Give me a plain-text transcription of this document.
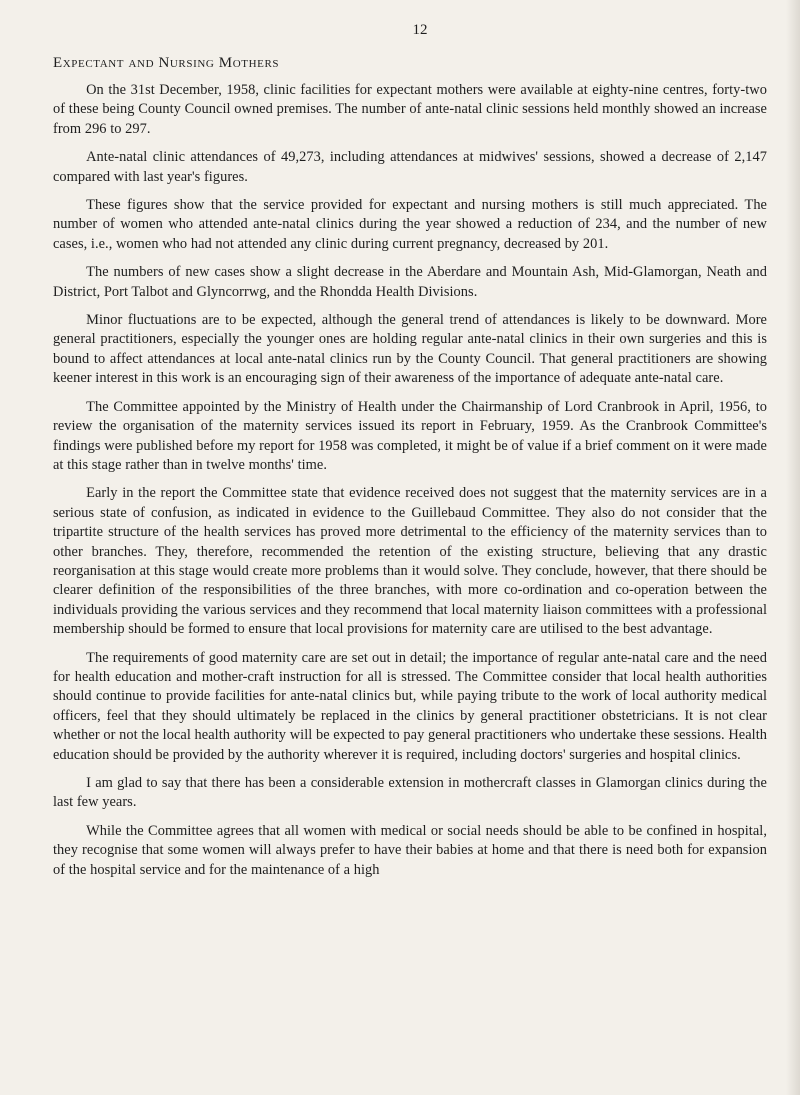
12
Expectant and Nursing Mothers

On the 31st December, 1958, clinic facilities for expectant mothers were available at eighty-nine centres, forty-two of these being County Council owned premises. The number of ante-natal clinic sessions held monthly showed an increase from 296 to 297.

Ante-natal clinic attendances of 49,273, including attendances at midwives' sessions, showed a decrease of 2,147 compared with last year's figures.

These figures show that the service provided for expectant and nursing mothers is still much appreciated. The number of women who attended ante-natal clinics during the year showed a reduction of 234, and the number of new cases, i.e., women who had not attended any clinic during current pregnancy, decreased by 201.

The numbers of new cases show a slight decrease in the Aberdare and Mountain Ash, Mid-Glamorgan, Neath and District, Port Talbot and Glyncorrwg, and the Rhondda Health Divisions.

Minor fluctuations are to be expected, although the general trend of attendances is likely to be downward. More general practitioners, especially the younger ones are holding regular ante-natal clinics in their own surgeries and this is bound to affect attendances at local ante-natal clinics run by the County Council. That general practitioners are showing keener interest in this work is an encouraging sign of their awareness of the importance of adequate ante-natal care.

The Committee appointed by the Ministry of Health under the Chairmanship of Lord Cranbrook in April, 1956, to review the organisation of the maternity services issued its report in February, 1959. As the Cranbrook Committee's findings were published before my report for 1958 was completed, it might be of value if a brief comment on it were made at this stage rather than in twelve months' time.

Early in the report the Committee state that evidence received does not suggest that the maternity services are in a serious state of confusion, as indicated in evidence to the Guillebaud Committee. They also do not consider that the tripartite structure of the health services has proved more detrimental to the efficiency of the maternity services than to other branches. They, therefore, recommended the retention of the existing structure, believing that any drastic reorganisation at this stage would create more problems than it would solve. They conclude, however, that there should be clearer definition of the responsibilities of the three branches, with more co-ordination and co-operation between the individuals providing the various services and they recommend that local maternity liaison committees with a professional membership should be formed to ensure that local provisions for maternity care are utilised to the best advantage.

The requirements of good maternity care are set out in detail; the importance of regular ante-natal care and the need for health education and mother-craft instruction for all is stressed. The Committee consider that local health authorities should continue to provide facilities for ante-natal clinics but, while paying tribute to the work of local authority medical officers, feel that they should ultimately be replaced in the clinics by general practitioner obstetricians. It is not clear whether or not the local health authority will be expected to pay general practitioners who undertake these sessions. Health education should be provided by the authority wherever it is required, including doctors' surgeries and hospital clinics.

I am glad to say that there has been a considerable extension in mothercraft classes in Glamorgan clinics during the last few years.

While the Committee agrees that all women with medical or social needs should be able to be confined in hospital, they recognise that some women will always prefer to have their babies at home and that there is need both for expansion of the hospital service and for the maintenance of a high
